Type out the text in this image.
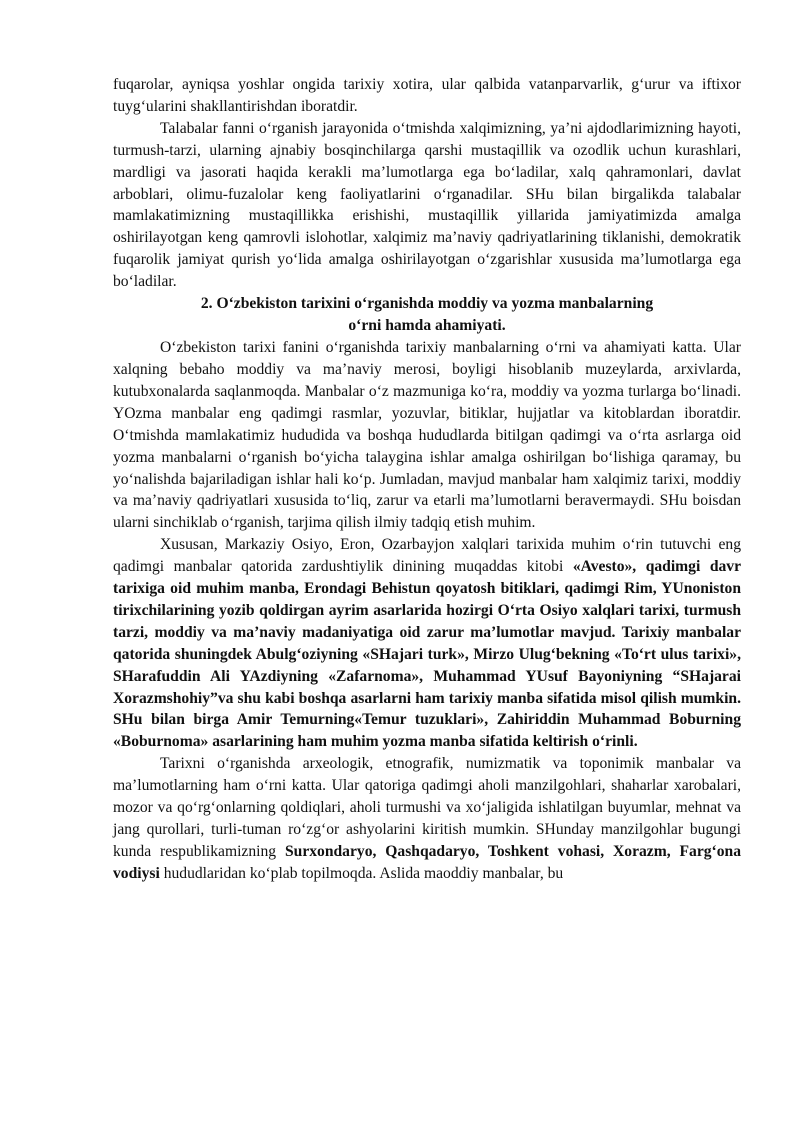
fuqarolar, ayniqsa yoshlar ongida tarixiy xotira, ular qalbida vatanparvarlik, g‘urur va iftixor tuyg‘ularini shakllantirishdan iboratdir.

Talabalar fanni o‘rganish jarayonida o‘tmishda xalqimizning, ya’ni ajdodlarimizning hayoti, turmush-tarzi, ularning ajnabiy bosqinchilarga qarshi mustaqillik va ozodlik uchun kurashlari, mardligi va jasorati haqida kerakli ma’lumotlarga ega bo‘ladilar, xalq qahramonlari, davlat arboblari, olimu-fuzalolar keng faoliyatlarini o‘rganadilar. SHu bilan birgalikda talabalar mamlakatimizning mustaqillikka erishishi, mustaqillik yillarida jamiyatimizda amalga oshirilayotgan keng qamrovli islohotlar, xalqimiz ma’naviy qadriyatlarining tiklanishi, demokratik fuqarolik jamiyat qurish yo‘lida amalga oshirilayotgan o‘zgarishlar xususida ma’lumotlarga ega bo‘ladilar.

2. O‘zbekiston tarixini o‘rganishda moddiy va yozma manbalarning
o‘rni hamda ahamiyati.

O‘zbekiston tarixi fanini o‘rganishda tarixiy manbalarning o‘rni va ahamiyati katta. Ular xalqning bebaho moddiy va ma’naviy merosi, boyligi hisoblanib muzeylarda, arxivlarda, kutubxonalarda saqlanmoqda. Manbalar o‘z mazmuniga ko‘ra, moddiy va yozma turlarga bo‘linadi. YOzma manbalar eng qadimgi rasmlar, yozuvlar, bitiklar, hujjatlar va kitoblardan iboratdir. O‘tmishda mamlakatimiz hududida va boshqa hududlarda bitilgan qadimgi va o‘rta asrlarga oid yozma manbalarni o‘rganish bo‘yicha talaygina ishlar amalga oshirilgan bo‘lishiga qaramay, bu yo‘nalishda bajariladigan ishlar hali ko‘p. Jumladan, mavjud manbalar ham xalqimiz tarixi, moddiy va ma’naviy qadriyatlari xususida to‘liq, zarur va etarli ma’lumotlarni beravermaydi. SHu boisdan ularni sinchiklab o‘rganish, tarjima qilish ilmiy tadqiq etish muhim.

Xususan, Markaziy Osiyo, Eron, Ozarbayjon xalqlari tarixida muhim o‘rin tutuvchi eng qadimgi manbalar qatorida zardushtiylik dinining muqaddas kitobi «Avesto», qadimgi davr tarixiga oid muhim manba, Erondagi Behistun qoyatosh bitiklari, qadimgi Rim, YUnoniston tirixchilarining yozib qoldirgan ayrim asarlarida hozirgi O‘rta Osiyo xalqlari tarixi, turmush tarzi, moddiy va ma’naviy madaniyatiga oid zarur ma’lumotlar mavjud. Tarixiy manbalar qatorida shuningdek Abulg‘oziyning «SHajari turk», Mirzo Ulug‘bekning «To‘rt ulus tarixi», SHarafuddin Ali YAzdiyning «Zafarnoma», Muhammad YUsuf Bayoniyning “SHajarai Xorazmshohiy”va shu kabi boshqa asarlarni ham tarixiy manba sifatida misol qilish mumkin. SHu bilan birga Amir Temurning«Temur tuzuklari», Zahiriddin Muhammad Boburning «Boburnoma» asarlarining ham muhim yozma manba sifatida keltirish o‘rinli.

Tarixni o‘rganishda arxeologik, etnografik, numizmatik va toponimik manbalar va ma’lumotlarning ham o‘rni katta. Ular qatoriga qadimgi aholi manzilgohlari, shaharlar xarobalari, mozor va qo‘rg‘onlarning qoldiqlari, aholi turmushi va xo‘jaligida ishlatilgan buyumlar, mehnat va jang qurollari, turli-tuman ro‘zg‘or ashyolarini kiritish mumkin. SHunday manzilgohlar bugungi kunda respublikamizning Surxondaryo, Qashqadaryo, Toshkent vohasi, Xorazm, Farg‘ona vodiysi hududlaridan ko‘plab topilmoqda. Aslida maoddiy manbalar, bu
